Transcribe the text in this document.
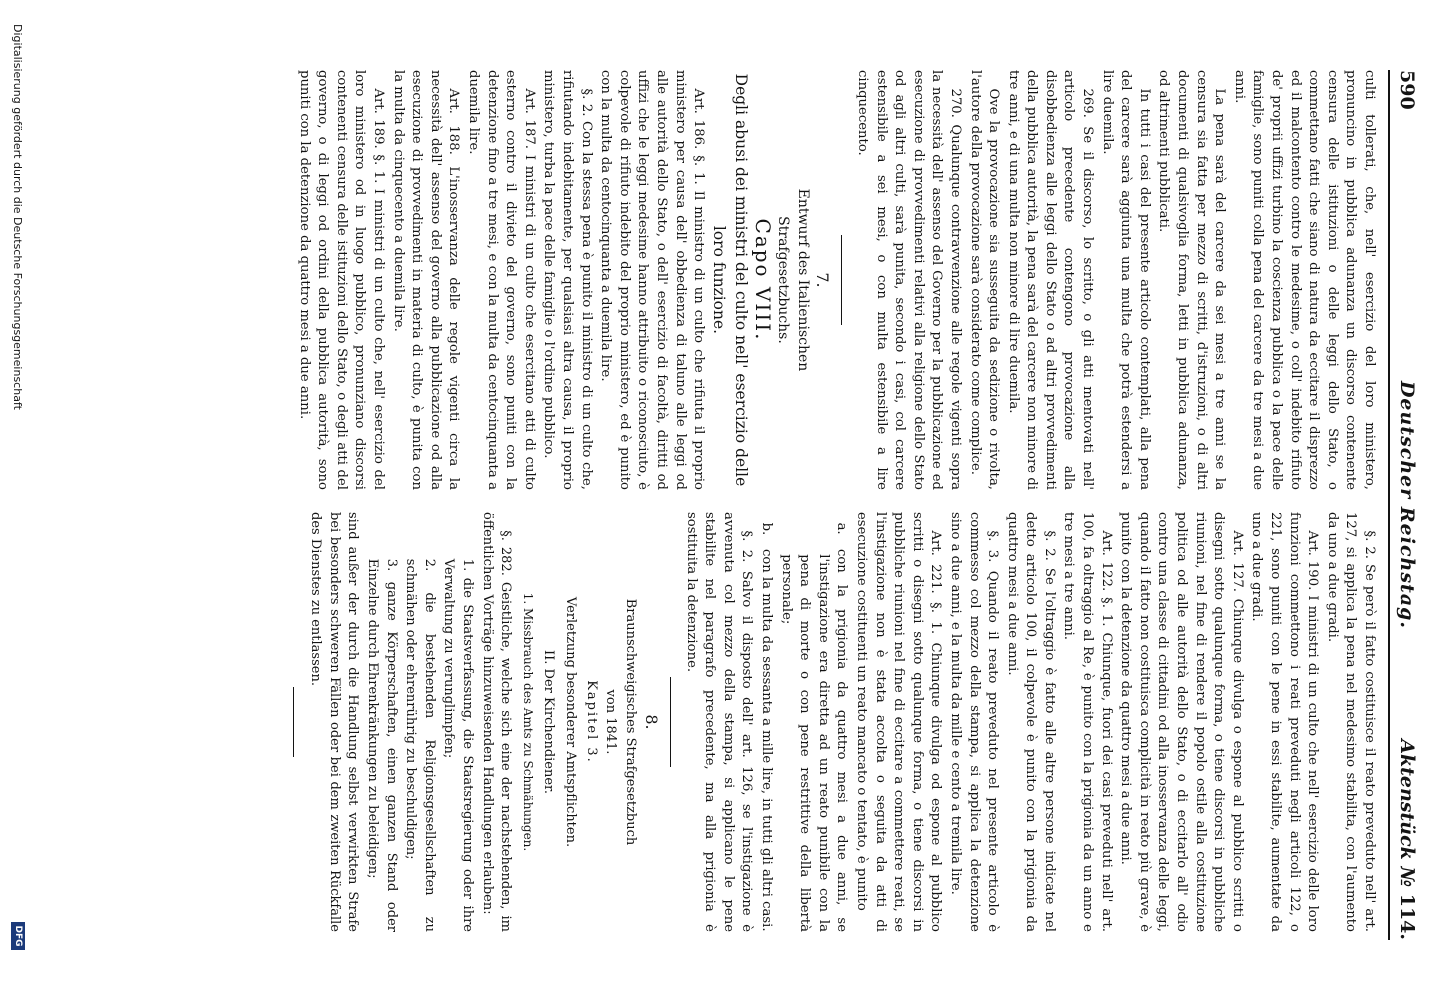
590
Deutscher Reichstag.
Aktenstück № 114.

culti tollerati, che, nell' esercizio del loro ministero, pronuncino in pubblica adunanza un discorso contenente censura delle istituzioni o delle leggi dello Stato, o commettano fatti che siano di natura da eccitare il disprezzo ed il malcontento contro le medesime, o coll' indebito rifiuto de' proprii uffizi turbino la coscienza pubblica o la pace delle famiglie, sono puniti colla pena del carcere da tre mesi a due anni.

La pena sarà del carcere da sei mesi a tre anni se la censura sia fatta per mezzo di scritti, d'istruzioni, o di altri documenti di qualsivoglia forma, letti in pubblica adunanza, od altrimenti pubblicati.

In tutti i casi del presente articolo contemplati, alla pena del carcere sarà aggiunta una multa che potrà estendersi a lire duemila.

269. Se il discorso, lo scritto, o gli atti mentovati nell' articolo precedente contengono provocazione alla disobbedienza alle leggi dello Stato o ad altri provvedimenti della pubblica autorità, la pena sarà del carcere non minore di tre anni, e di una multa non minore di lire duemila.

Ove la provocazione sia susseguita da sedizione o rivolta, l'autore della provocazione sarà considerato come complice.

270. Qualunque contravvenzione alle regole vigenti sopra la necessità dell' assenso del Governo per la pubblicazione ed esecuzione di provvedimenti relativi alla religione dello Stato od agli altri culti, sarà punita, secondo i casi, col carcere estensibile a sei mesi, o con multa estensibile a lire cinquecento.

7.

Entwurf des Italienischen

Strafgesetzbuchs.

Capo VIII.

Degli abusi dei ministri del culto nell' esercizio delle loro funzione.

Art. 186. §. 1. Il ministro di un culto che rifiuta il proprio ministero per causa dell' obbedienza di taluno alle leggi od alle autorità dello Stato, o dell' esercizio di facoltà, diritti od uffizi che le leggi medesime hanno attribuito o riconosciuto, è colpevole di rifiuto indebito del proprio ministero, ed è punito con la multa da centocinquanta a duemila lire.

§. 2. Con la stessa pena è punito il ministro di un culto che, rifiutando indebitamente, per qualsiasi altra causa, il proprio ministero, turba la pace delle famiglie o l'ordine pubblico.

Art. 187. I ministri di un culto che esercitano atti di culto esterno contro il divieto del governo, sono puniti con la detenzione fino a tre mesi, e con la multa da centocinquanta a duemila lire.

Art. 188. L'inosservanza delle regole vigenti circa la necessità dell' assenso del governo alla pubblicazione od alla esecuzione di provvedimenti in materia di culto, è punita con la multa da cinquecento a duemila lire.

Art. 189. §. 1. I ministri di un culto che, nell' esercizio del loro ministero od in luogo pubblico, pronunziano discorsi contenenti censura delle istituzioni dello Stato, o degli atti del governo, o di leggi od ordini della pubblica autorità, sono puniti con la detenzione da quattro mesi a due anni.

§. 2. Se però il fatto costituisce il reato preveduto nell' art. 127, si applica la pena nel medesimo stabilita, con l'aumento da uno a due gradi.

Art. 190. I ministri di un culto che nell' esercizio delle loro funzioni commettono i reati preveduti negli articoli 122, o 221, sono puniti con le pene in essi stabilite, aumentate da uno a due gradi.

Art. 127. Chiunque divulga o espone al pubblico scritti o disegni sotto qualunque forma, o tiene discorsi in pubbliche riunioni, nel fine di rendere il popolo ostile alla costituzione politica od alle autorità dello Stato, o di eccitarlo all' odio contro una classe di cittadini od alla inosservanza delle leggi, quando il fatto non costituisca complicità in reato più grave, è punito con la detenzione da quattro mesi a due anni.

Art. 122. §. 1. Chiunque, fuori dei casi preveduti nell' art. 100, fa oltraggio al Re, è punito con la prigionia da un anno e tre mesi a tre anni.

§. 2. Se l'oltraggio è fatto alle altre persone indicate nel detto articolo 100, il colpevole è punito con la prigionia da quattro mesi a due anni.

§. 3. Quando il reato preveduto nel presente articolo è commesso col mezzo della stampa, si applica la detenzione sino a due anni, e la multa da mille e cento a tremila lire.

Art. 221. §. 1. Chiunque divulga od espone al pubblico scritti o disegni sotto qualunque forma, o tiene discorsi in pubbliche riunioni nel fine di eccitare a commettere reati, se l'instigazione non è stata accolta o seguita da atti di esecuzione costituenti un reato mancato o tentato, è punito

a.con la prigionia da quattro mesi a due anni, se l'instigazione era diretta ad un reato punibile con la pena di morte o con pene restrittive della libertà personale;

b.con la multa da sessanta a mille lire, in tutti gli altri casi.

§. 2. Salvo il disposto dell' art. 126, se l'instigazione è avvenuta col mezzo della stampa, si applicano le pene stabilite nel paragrafo precedente, ma alla prigionia è sostituita la detenzione.

8.

Braunschweigisches Strafgesetzbuch

von 1841.

Kapitel 3.

Verletzung besonderer Amtspflichten.

II. Der Kirchendiener.

1. Missbrauch des Amts zu Schmähungen.

§. 282. Geistliche, welche sich eine der nachstehenden, im öffentlichen Vorträge hinzuweisenden Handlungen erlauben:

1. die Staatsverfassung, die Staatsregierung oder ihre Verwaltung zu verunglimpfen;

2. die bestehenden Religionsgesellschaften zu schmähen oder ehrenrührig zu beschuldigen;

3. ganze Körperschaften, einen ganzen Stand oder Einzelne durch Ehrenkränkungen zu beleidigen;

sind außer der durch die Handlung selbst verwirkten Strafe bei besonders schweren Fällen oder bei dem zweiten Rückfalle des Dienstes zu entlassen.

Digitalisierung gefördert durch die Deutsche Forschungsgemeinschaft
DFG
